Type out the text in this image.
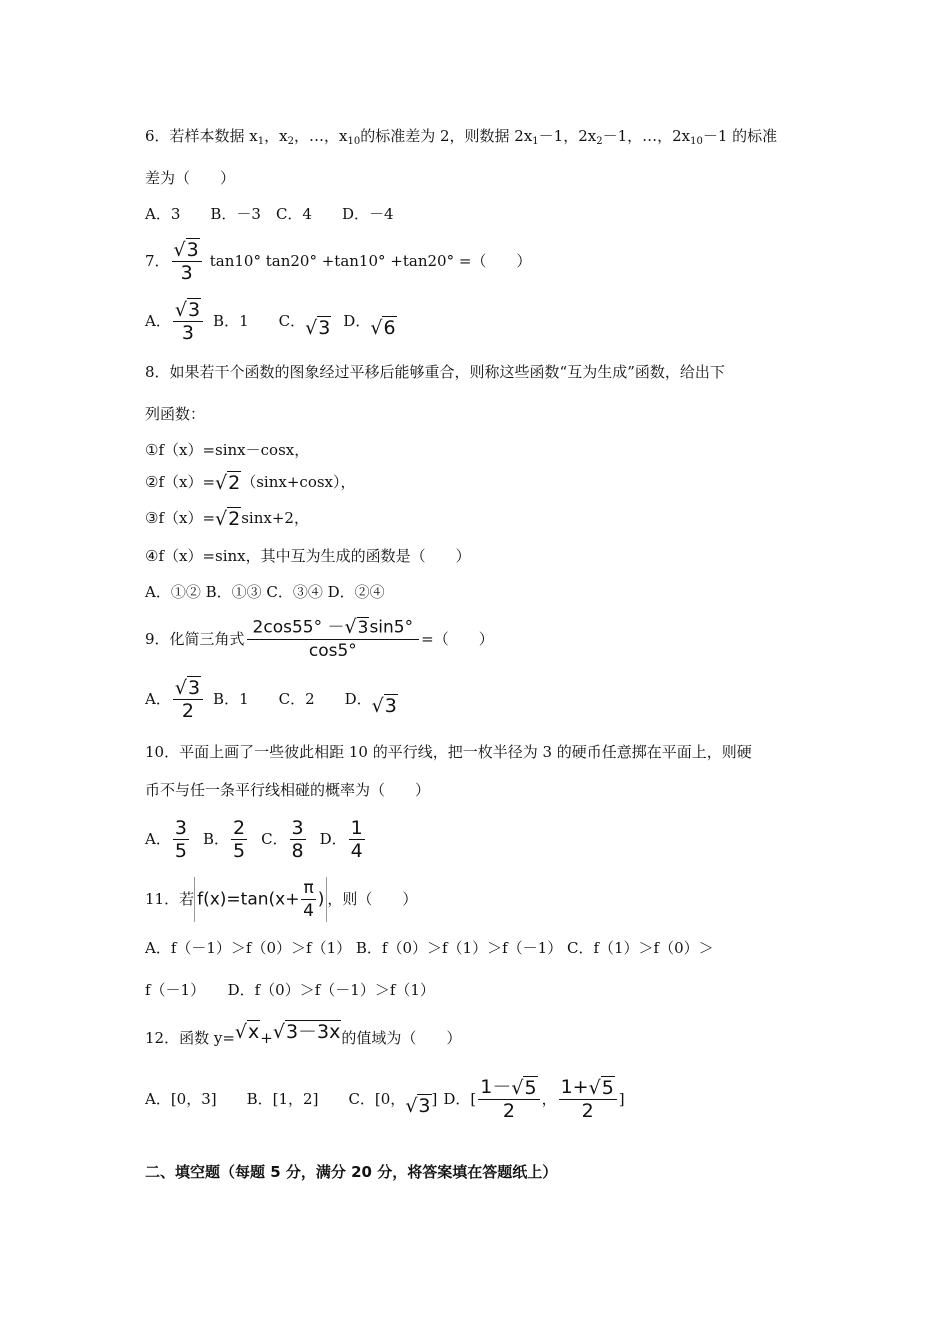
6．若样本数据 $x_1$，$x_2$，…，$x_{10}$的标准差为 2，则数据 $2x_1-1$，$2x_2-1$，…，$2x_{10}-1$ 的标准
差为（　　）
A．3　　B．－3　C．4　　D．－4
7． $\frac{√3}{3} \tan 10^\circ$ tan20° +tan10° +tan20° =（　　）
A． $\frac{√3}{3}$ B．1　　C． √3 D． √6
8．如果若干个函数的图象经过平移后能够重合，则称这些函数“互为生成”函数，给出下
列函数：
①f（x）=sinx－cosx，
②f（x）=√2（sinx+cosx），
③f（x）=√2sinx+2，
④f（x）=sinx，其中互为生成的函数是（　　）
A．①② B．①③ C．③④ D．②④
9．化简三角式 $\frac{2\cos 55^\circ -√3\sin 5^\circ}{\cos 5^\circ}$ =（　　）
A． $\frac{√3}{2}$ B．1　　C．2　　D． √3
10．平面上画了一些彼此相距 10 的平行线，把一枚半径为 3 的硬币任意掷在平面上，则硬
币不与任一条平行线相碰的概率为（　　）
A． $\frac{3}{5}$ B． $\frac{2}{5}$ C． $\frac{3}{8}$ D． $\frac{1}{4}$
11．若 $f(x)=\tan(x+ \frac{\pi}{4}$ ) ，则（　　）
A．f（－1）＞f（0）＞f（1） B．f（0）＞f（1）＞f（－1） C．f（1）＞f（0）＞
f（－1）　　D．f（0）＞f（－1）＞f（1）
12．函数 y= √x + √3－3x 的值域为（　　）
A．[0，3]　　B．[1，2]　　C．[0， √3 ] D．[ $\frac{1-√5}{2}$ ， $\frac{1+√5}{2}$ ]
二、填空题（每题 5 分，满分 20 分，将答案填在答题纸上）
